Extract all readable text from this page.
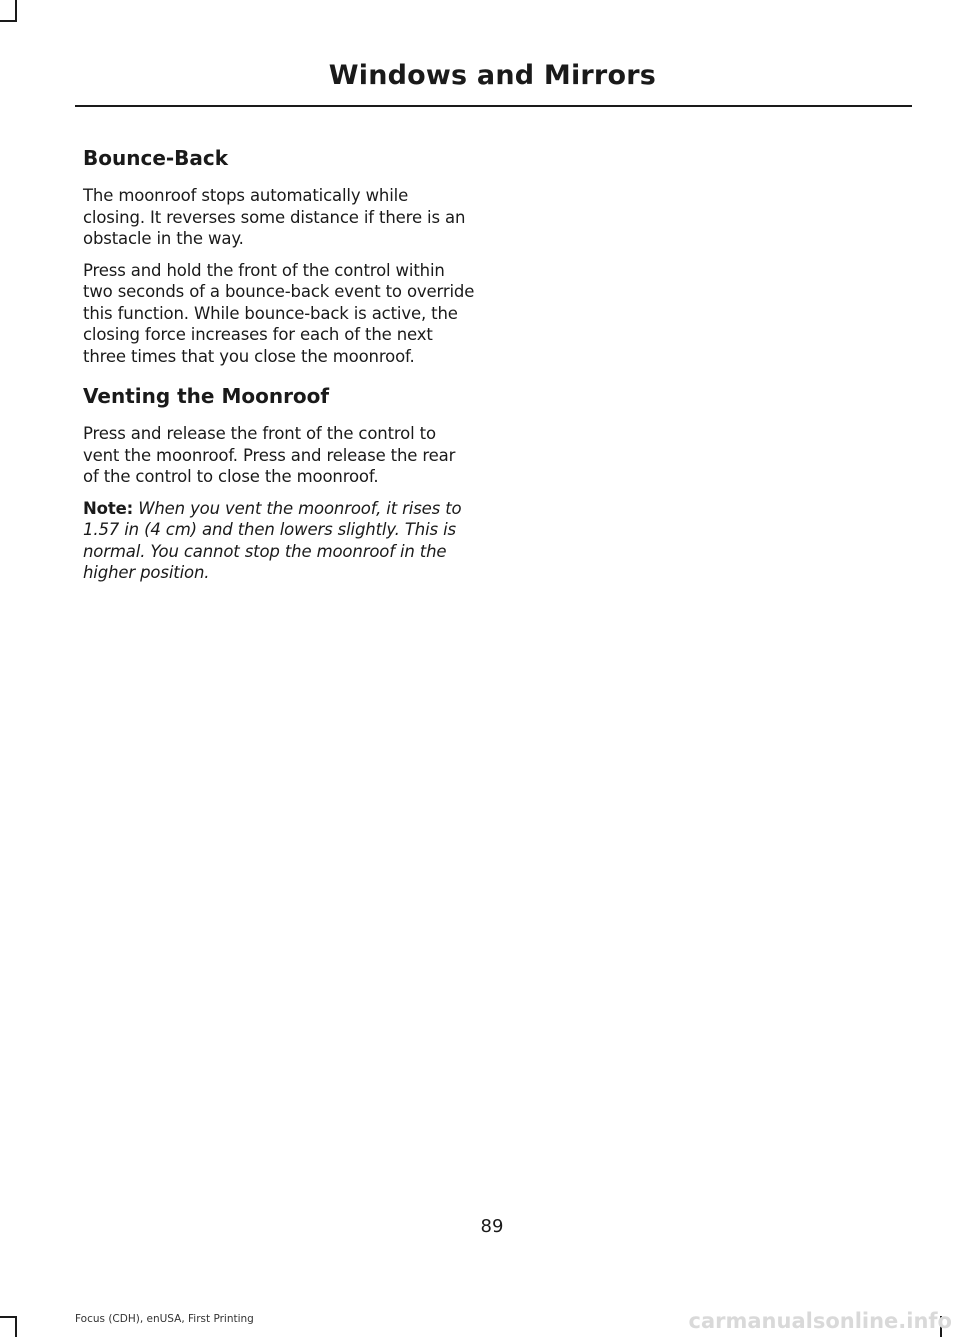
Windows and Mirrors
Bounce-Back

The moonroof stops automatically while closing. It reverses some distance if there is an obstacle in the way.

Press and hold the front of the control within two seconds of a bounce-back event to override this function. While bounce-back is active, the closing force increases for each of the next three times that you close the moonroof.

Venting the Moonroof

Press and release the front of the control to vent the moonroof. Press and release the rear of the control to close the moonroof.

Note: When you vent the moonroof, it rises to 1.57 in (4 cm) and then lowers slightly. This is normal. You cannot stop the moonroof in the higher position.

89
Focus (CDH), enUSA, First Printing	carmanualsonline.info
